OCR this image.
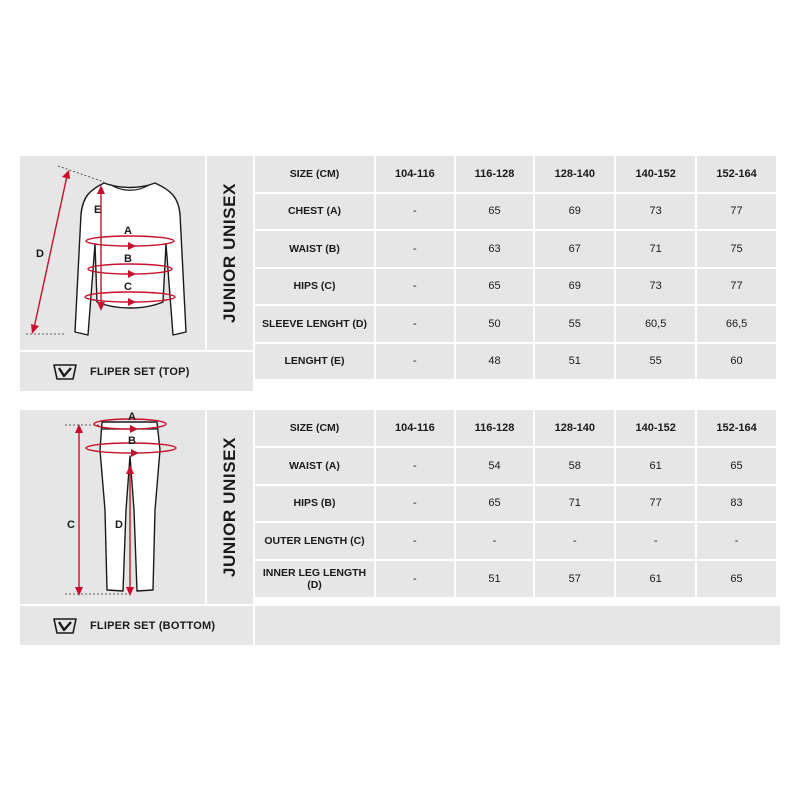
E
D
A
B
C	JUNIOR UNISEX
FLIPER SET (TOP)
SIZE (CM)	104-116	116-128	128-140	140-152	152-164
CHEST (A)	-	65	69	73	77
WAIST (B)	-	63	67	71	75
HIPS (C)	-	65	69	73	77
SLEEVE LENGHT (D)	-	50	55	60,5	66,5
LENGHT (E)	-	48	51	55	60
A
B
C	D	JUNIOR UNISEX
FLIPER SET (BOTTOM)
SIZE (CM)	104-116	116-128	128-140	140-152	152-164
WAIST (A)	-	54	58	61	65
HIPS (B)	-	65	71	77	83
OUTER LENGTH (C)	-	-	-	-	-
INNER LEG LENGTH (D)	-	51	57	61	65
